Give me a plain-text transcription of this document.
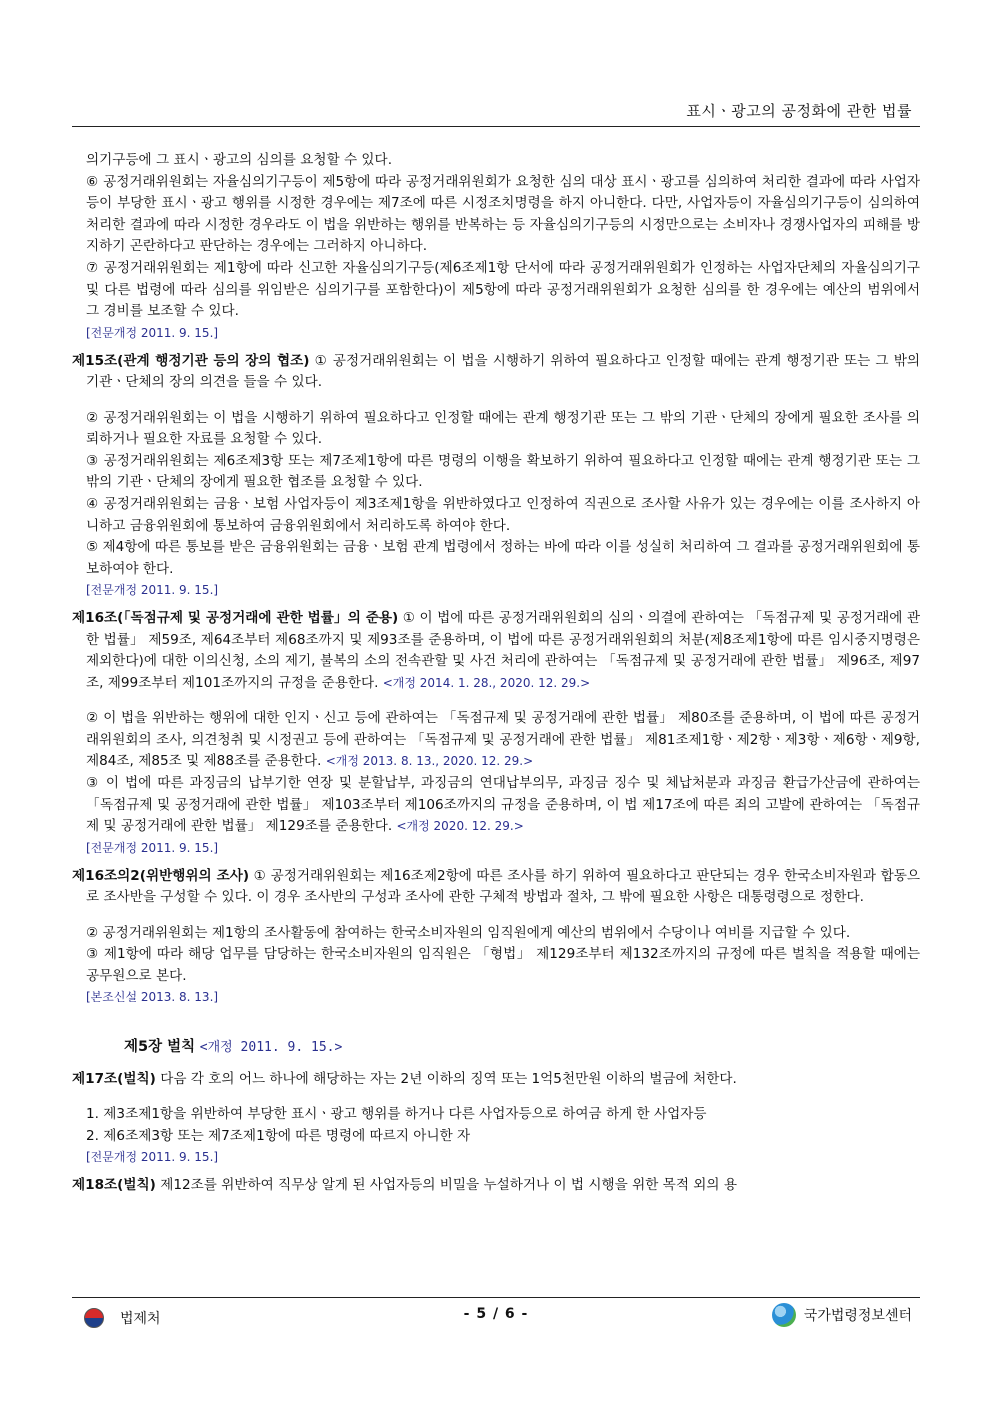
표시ㆍ광고의 공정화에 관한 법률

의기구등에 그 표시ㆍ광고의 심의를 요청할 수 있다.

⑥ 공정거래위원회는 자율심의기구등이 제5항에 따라 공정거래위원회가 요청한 심의 대상 표시ㆍ광고를 심의하여 처리한 결과에 따라 사업자등이 부당한 표시ㆍ광고 행위를 시정한 경우에는 제7조에 따른 시정조치명령을 하지 아니한다. 다만, 사업자등이 자율심의기구등이 심의하여 처리한 결과에 따라 시정한 경우라도 이 법을 위반하는 행위를 반복하는 등 자율심의기구등의 시정만으로는 소비자나 경쟁사업자의 피해를 방지하기 곤란하다고 판단하는 경우에는 그러하지 아니하다.

⑦ 공정거래위원회는 제1항에 따라 신고한 자율심의기구등(제6조제1항 단서에 따라 공정거래위원회가 인정하는 사업자단체의 자율심의기구 및 다른 법령에 따라 심의를 위임받은 심의기구를 포함한다)이 제5항에 따라 공정거래위원회가 요청한 심의를 한 경우에는 예산의 범위에서 그 경비를 보조할 수 있다.

[전문개정 2011. 9. 15.]

제15조(관계 행정기관 등의 장의 협조) ① 공정거래위원회는 이 법을 시행하기 위하여 필요하다고 인정할 때에는 관계 행정기관 또는 그 밖의 기관ㆍ단체의 장의 의견을 들을 수 있다.

② 공정거래위원회는 이 법을 시행하기 위하여 필요하다고 인정할 때에는 관계 행정기관 또는 그 밖의 기관ㆍ단체의 장에게 필요한 조사를 의뢰하거나 필요한 자료를 요청할 수 있다.

③ 공정거래위원회는 제6조제3항 또는 제7조제1항에 따른 명령의 이행을 확보하기 위하여 필요하다고 인정할 때에는 관계 행정기관 또는 그 밖의 기관ㆍ단체의 장에게 필요한 협조를 요청할 수 있다.

④ 공정거래위원회는 금융ㆍ보험 사업자등이 제3조제1항을 위반하였다고 인정하여 직권으로 조사할 사유가 있는 경우에는 이를 조사하지 아니하고 금융위원회에 통보하여 금융위원회에서 처리하도록 하여야 한다.

⑤ 제4항에 따른 통보를 받은 금융위원회는 금융ㆍ보험 관계 법령에서 정하는 바에 따라 이를 성실히 처리하여 그 결과를 공정거래위원회에 통보하여야 한다.

[전문개정 2011. 9. 15.]

제16조(「독점규제 및 공정거래에 관한 법률」의 준용) ① 이 법에 따른 공정거래위원회의 심의ㆍ의결에 관하여는 「독점규제 및 공정거래에 관한 법률」 제59조, 제64조부터 제68조까지 및 제93조를 준용하며, 이 법에 따른 공정거래위원회의 처분(제8조제1항에 따른 임시중지명령은 제외한다)에 대한 이의신청, 소의 제기, 불복의 소의 전속관할 및 사건 처리에 관하여는 「독점규제 및 공정거래에 관한 법률」 제96조, 제97조, 제99조부터 제101조까지의 규정을 준용한다. <개정 2014. 1. 28., 2020. 12. 29.>

② 이 법을 위반하는 행위에 대한 인지ㆍ신고 등에 관하여는 「독점규제 및 공정거래에 관한 법률」 제80조를 준용하며, 이 법에 따른 공정거래위원회의 조사, 의견청취 및 시정권고 등에 관하여는 「독점규제 및 공정거래에 관한 법률」 제81조제1항ㆍ제2항ㆍ제3항ㆍ제6항ㆍ제9항, 제84조, 제85조 및 제88조를 준용한다. <개정 2013. 8. 13., 2020. 12. 29.>

③ 이 법에 따른 과징금의 납부기한 연장 및 분할납부, 과징금의 연대납부의무, 과징금 징수 및 체납처분과 과징금 환급가산금에 관하여는 「독점규제 및 공정거래에 관한 법률」 제103조부터 제106조까지의 규정을 준용하며, 이 법 제17조에 따른 죄의 고발에 관하여는 「독점규제 및 공정거래에 관한 법률」 제129조를 준용한다. <개정 2020. 12. 29.>

[전문개정 2011. 9. 15.]

제16조의2(위반행위의 조사) ① 공정거래위원회는 제16조제2항에 따른 조사를 하기 위하여 필요하다고 판단되는 경우 한국소비자원과 합동으로 조사반을 구성할 수 있다. 이 경우 조사반의 구성과 조사에 관한 구체적 방법과 절차, 그 밖에 필요한 사항은 대통령령으로 정한다.

② 공정거래위원회는 제1항의 조사활동에 참여하는 한국소비자원의 임직원에게 예산의 범위에서 수당이나 여비를 지급할 수 있다.

③ 제1항에 따라 해당 업무를 담당하는 한국소비자원의 임직원은 「형법」 제129조부터 제132조까지의 규정에 따른 벌칙을 적용할 때에는 공무원으로 본다.

[본조신설 2013. 8. 13.]

제5장 벌칙 <개정 2011. 9. 15.>

제17조(벌칙) 다음 각 호의 어느 하나에 해당하는 자는 2년 이하의 징역 또는 1억5천만원 이하의 벌금에 처한다.

1. 제3조제1항을 위반하여 부당한 표시ㆍ광고 행위를 하거나 다른 사업자등으로 하여금 하게 한 사업자등

2. 제6조제3항 또는 제7조제1항에 따른 명령에 따르지 아니한 자

[전문개정 2011. 9. 15.]

제18조(벌칙) 제12조를 위반하여 직무상 알게 된 사업자등의 비밀을 누설하거나 이 법 시행을 위한 목적 외의 용

법제처	- 5 / 6 -	국가법령정보센터
